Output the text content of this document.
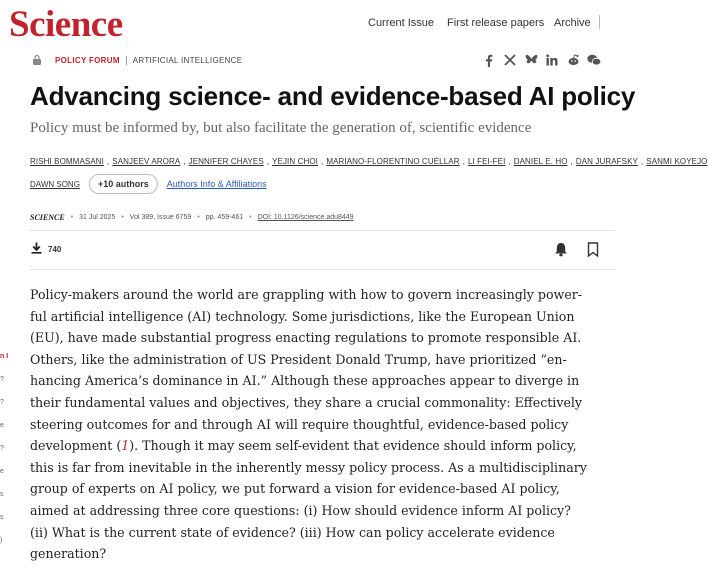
Science	Current Issue First release papers Archive
POLICY FORUM ARTIFICIAL INTELLIGENCE
Advancing science- and evidence-based AI policy
Policy must be informed by, but also facilitate the generation of, scientific evidence
RISHI BOMMASANI , SANJEEV ARORA , JENNIFER CHAYES , YEJIN CHOI , MARIANO-FLORENTINO CUÉLLAR , LI FEI-FEI , DANIEL E. HO , DAN JURAFSKY , SANMI KOYEJO
DAWN SONG	+10 authors	Authors Info & Affiliations
SCIENCE • 31 Jul 2025 • Vol 389, Issue 6759 • pp. 459-461 • DOI: 10.1126/science.adu8449
740
n I
?
?
e
?
e
s
s
)
Policy-makers around the world are grappling with how to govern increasingly power-
ful artificial intelligence (AI) technology. Some jurisdictions, like the European Union
(EU), have made substantial progress enacting regulations to promote responsible AI.
Others, like the administration of US President Donald Trump, have prioritized “en-
hancing America’s dominance in AI.” Although these approaches appear to diverge in
their fundamental values and objectives, they share a crucial commonality: Effectively
steering outcomes for and through AI will require thoughtful, evidence-based policy
development (1). Though it may seem self-evident that evidence should inform policy,
this is far from inevitable in the inherently messy policy process. As a multidisciplinary
group of experts on AI policy, we put forward a vision for evidence-based AI policy,
aimed at addressing three core questions: (i) How should evidence inform AI policy?
(ii) What is the current state of evidence? (iii) How can policy accelerate evidence
generation?
